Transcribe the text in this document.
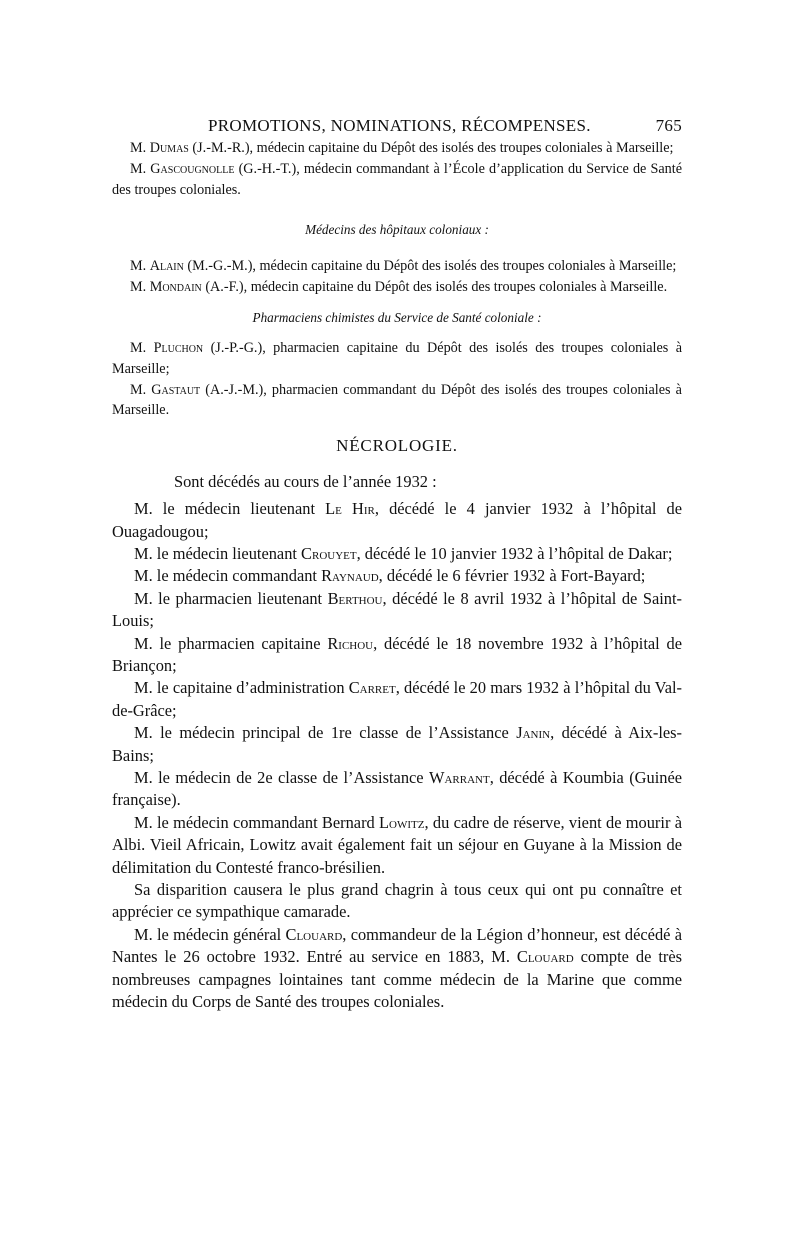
PROMOTIONS, NOMINATIONS, RÉCOMPENSES.	765

M. Dumas (J.-M.-R.), médecin capitaine du Dépôt des isolés des troupes coloniales à Marseille;

M. Gascougnolle (G.-H.-T.), médecin commandant à l’École d’application du Service de Santé des troupes coloniales.

Médecins des hôpitaux coloniaux :

M. Alain (M.-G.-M.), médecin capitaine du Dépôt des isolés des troupes coloniales à Marseille;

M. Mondain (A.-F.), médecin capitaine du Dépôt des isolés des troupes coloniales à Marseille.

Pharmaciens chimistes du Service de Santé coloniale :

M. Pluchon (J.-P.-G.), pharmacien capitaine du Dépôt des isolés des troupes coloniales à Marseille;

M. Gastaut (A.-J.-M.), pharmacien commandant du Dépôt des isolés des troupes coloniales à Marseille.

NÉCROLOGIE.

Sont décédés au cours de l’année 1932 :

M. le médecin lieutenant Le Hir, décédé le 4 janvier 1932 à l’hôpital de Ouagadougou;

M. le médecin lieutenant Crouyet, décédé le 10 janvier 1932 à l’hôpital de Dakar;

M. le médecin commandant Raynaud, décédé le 6 février 1932 à Fort-Bayard;

M. le pharmacien lieutenant Berthou, décédé le 8 avril 1932 à l’hôpital de Saint-Louis;

M. le pharmacien capitaine Richou, décédé le 18 novembre 1932 à l’hôpital de Briançon;

M. le capitaine d’administration Carret, décédé le 20 mars 1932 à l’hôpital du Val-de-Grâce;

M. le médecin principal de 1re classe de l’Assistance Janin, décédé à Aix-les-Bains;

M. le médecin de 2e classe de l’Assistance Warrant, décédé à Koumbia (Guinée française).

M. le médecin commandant Bernard Lowitz, du cadre de réserve, vient de mourir à Albi. Vieil Africain, Lowitz avait également fait un séjour en Guyane à la Mission de délimitation du Contesté franco-brésilien.

Sa disparition causera le plus grand chagrin à tous ceux qui ont pu connaître et apprécier ce sympathique camarade.

M. le médecin général Clouard, commandeur de la Légion d’honneur, est décédé à Nantes le 26 octobre 1932. Entré au service en 1883, M. Clouard compte de très nombreuses campagnes lointaines tant comme médecin de la Marine que comme médecin du Corps de Santé des troupes coloniales.
